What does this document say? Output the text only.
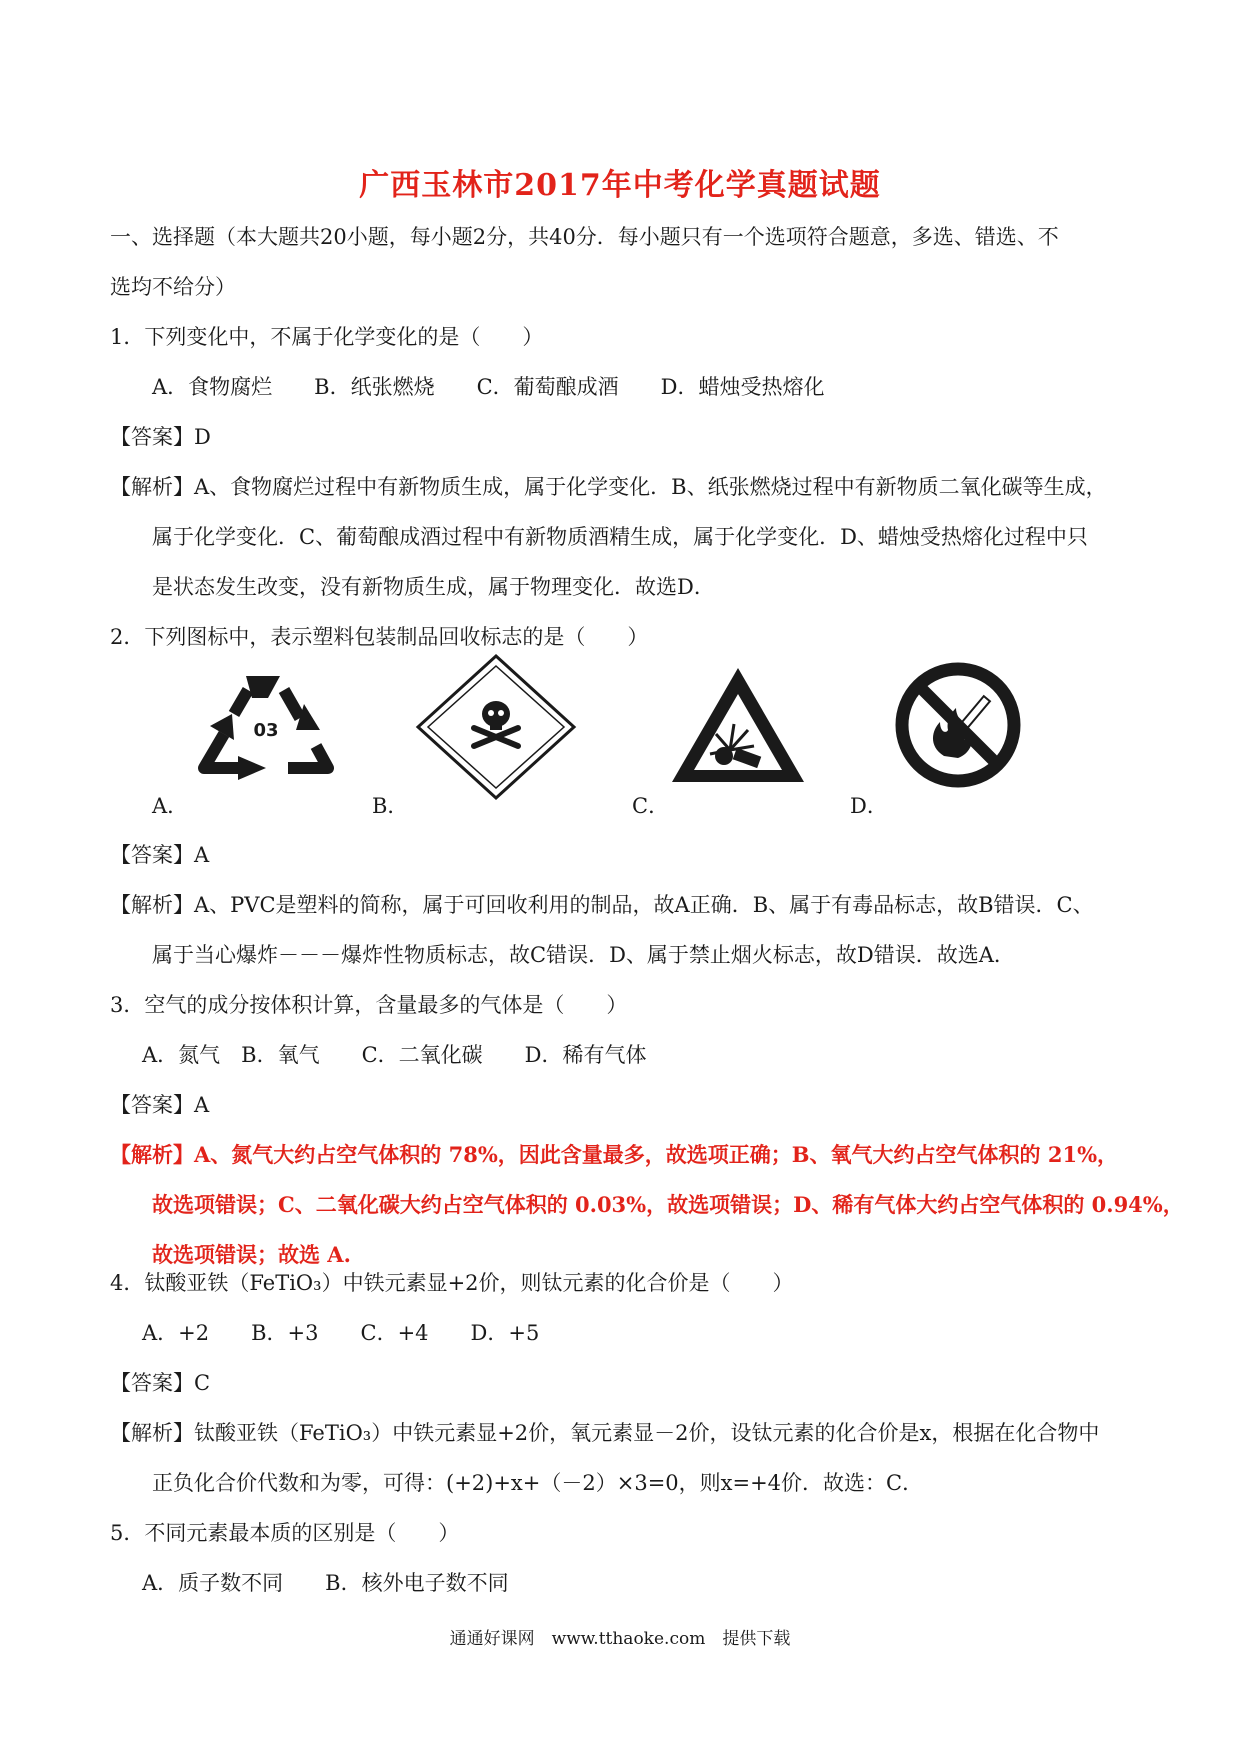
广西玉林市2017年中考化学真题试题
一、选择题（本大题共20小题，每小题2分，共40分．每小题只有一个选项符合题意，多选、错选、不
选均不给分）
1．下列变化中，不属于化学变化的是（　　）
A．食物腐烂　　B．纸张燃烧　　C．葡萄酿成酒　　D．蜡烛受热熔化
【答案】D
【解析】A、食物腐烂过程中有新物质生成，属于化学变化．B、纸张燃烧过程中有新物质二氧化碳等生成，
属于化学变化．C、葡萄酿成酒过程中有新物质酒精生成，属于化学变化．D、蜡烛受热熔化过程中只
是状态发生改变，没有新物质生成，属于物理变化．故选D．
2．下列图标中，表示塑料包装制品回收标志的是（　　）
03
A．	B．	C．	D．
【答案】A
【解析】A、PVC是塑料的简称，属于可回收利用的制品，故A正确．B、属于有毒品标志，故B错误．C、
属于当心爆炸－－－爆炸性物质标志，故C错误．D、属于禁止烟火标志，故D错误．故选A．
3．空气的成分按体积计算，含量最多的气体是（　　）
A．氮气　B．氧气　　C．二氧化碳　　D．稀有气体
【答案】A
【解析】A、氮气大约占空气体积的 78%，因此含量最多，故选项正确；B、氧气大约占空气体积的 21%，
故选项错误；C、二氧化碳大约占空气体积的 0.03%，故选项错误；D、稀有气体大约占空气体积的 0.94%，
故选项错误；故选 A.
4．钛酸亚铁（FeTiO₃）中铁元素显+2价，则钛元素的化合价是（　　）
A．+2　　B．+3　　C．+4　　D．+5
【答案】C
【解析】钛酸亚铁（FeTiO₃）中铁元素显+2价，氧元素显－2价，设钛元素的化合价是x，根据在化合物中
正负化合价代数和为零，可得：(+2)+x+（－2）×3=0，则x=+4价．故选：C．
5．不同元素最本质的区别是（　　）
A．质子数不同　　B．核外电子数不同
通通好课网　www.tthaoke.com　提供下载
